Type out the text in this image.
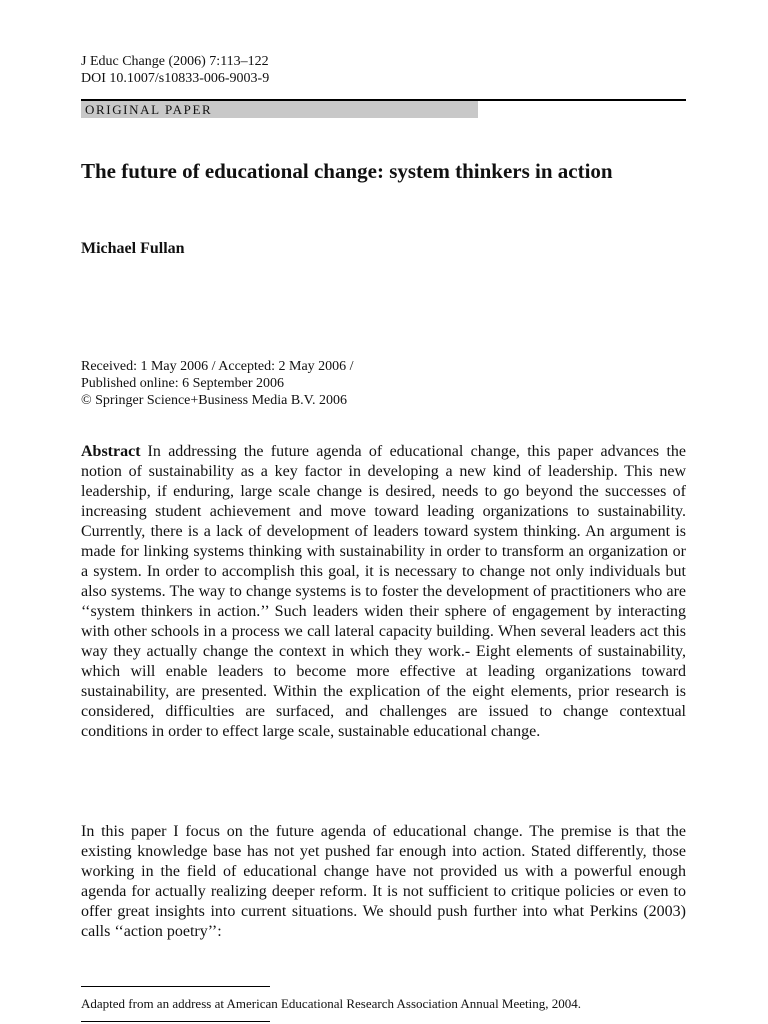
J Educ Change (2006) 7:113–122
DOI 10.1007/s10833-006-9003-9
ORIGINAL PAPER
The future of educational change: system thinkers in action

Michael Fullan

Received: 1 May 2006 / Accepted: 2 May 2006 /
Published online: 6 September 2006
© Springer Science+Business Media B.V. 2006

Abstract In addressing the future agenda of educational change, this paper advances the notion of sustainability as a key factor in developing a new kind of leadership. This new leadership, if enduring, large scale change is desired, needs to go beyond the successes of increasing student achievement and move toward leading organizations to sustainability. Currently, there is a lack of development of leaders toward system thinking. An argument is made for linking systems thinking with sustainability in order to transform an organization or a system. In order to accomplish this goal, it is necessary to change not only individuals but also systems. The way to change systems is to foster the development of practitioners who are ‘‘system thinkers in action.’’ Such leaders widen their sphere of engagement by interacting with other schools in a process we call lateral capacity building. When several leaders act this way they actually change the context in which they work.- Eight elements of sustainability, which will enable leaders to become more effective at leading organizations toward sustainability, are presented. Within the explication of the eight elements, prior research is considered, difficulties are surfaced, and challenges are issued to change contextual conditions in order to effect large scale, sustainable educational change.

In this paper I focus on the future agenda of educational change. The premise is that the existing knowledge base has not yet pushed far enough into action. Stated differently, those working in the field of educational change have not provided us with a powerful enough agenda for actually realizing deeper reform. It is not sufficient to critique policies or even to offer great insights into current situations. We should push further into what Perkins (2003) calls ‘‘action poetry’’:

Adapted from an address at American Educational Research Association Annual Meeting, 2004.
